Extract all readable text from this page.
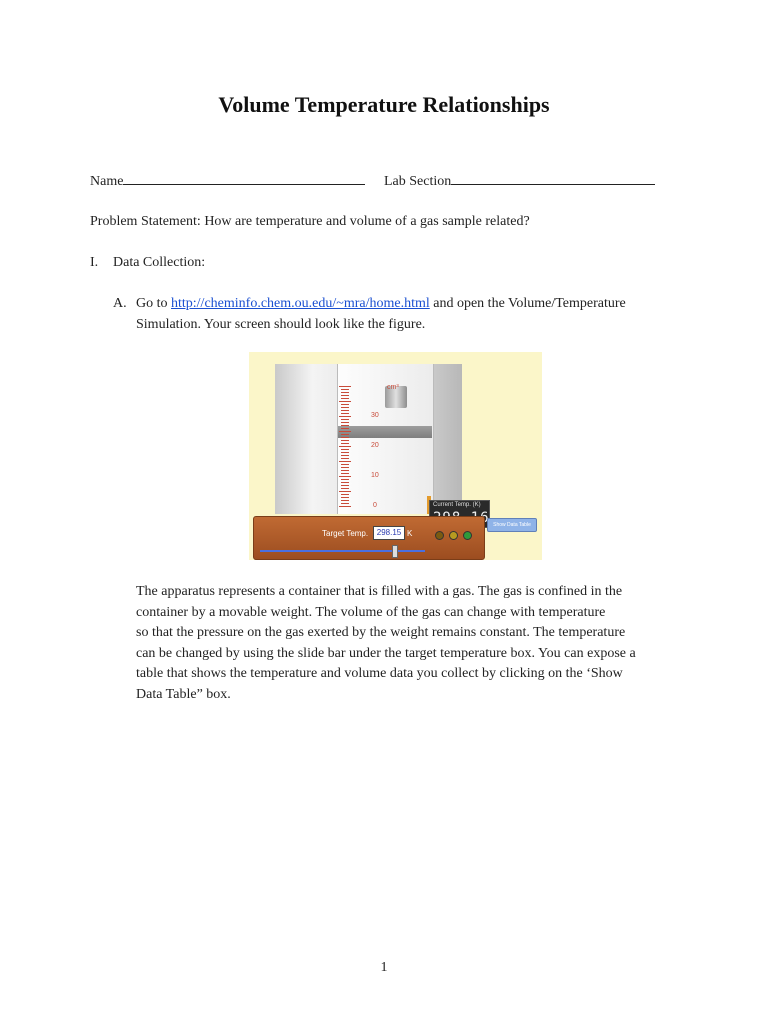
Volume Temperature Relationships
Name	Lab Section
Problem Statement: How are temperature and volume of a gas sample related?
I. Data Collection:
A. Go to http://cheminfo.chem.ou.edu/~mra/home.html and open the Volume/Temperature
Simulation. Your screen should look like the figure.
cm³
30
20
10
0	Current Temp. (K)
Target Temp.	298.15 K
Show Data Table
The apparatus represents a container that is filled with a gas. The gas is confined in the
container by a movable weight. The volume of the gas can change with temperature
so that the pressure on the gas exerted by the weight remains constant. The temperature
can be changed by using the slide bar under the target temperature box. You can expose a
table that shows the temperature and volume data you collect by clicking on the ‘Show
Data Table” box.
1
